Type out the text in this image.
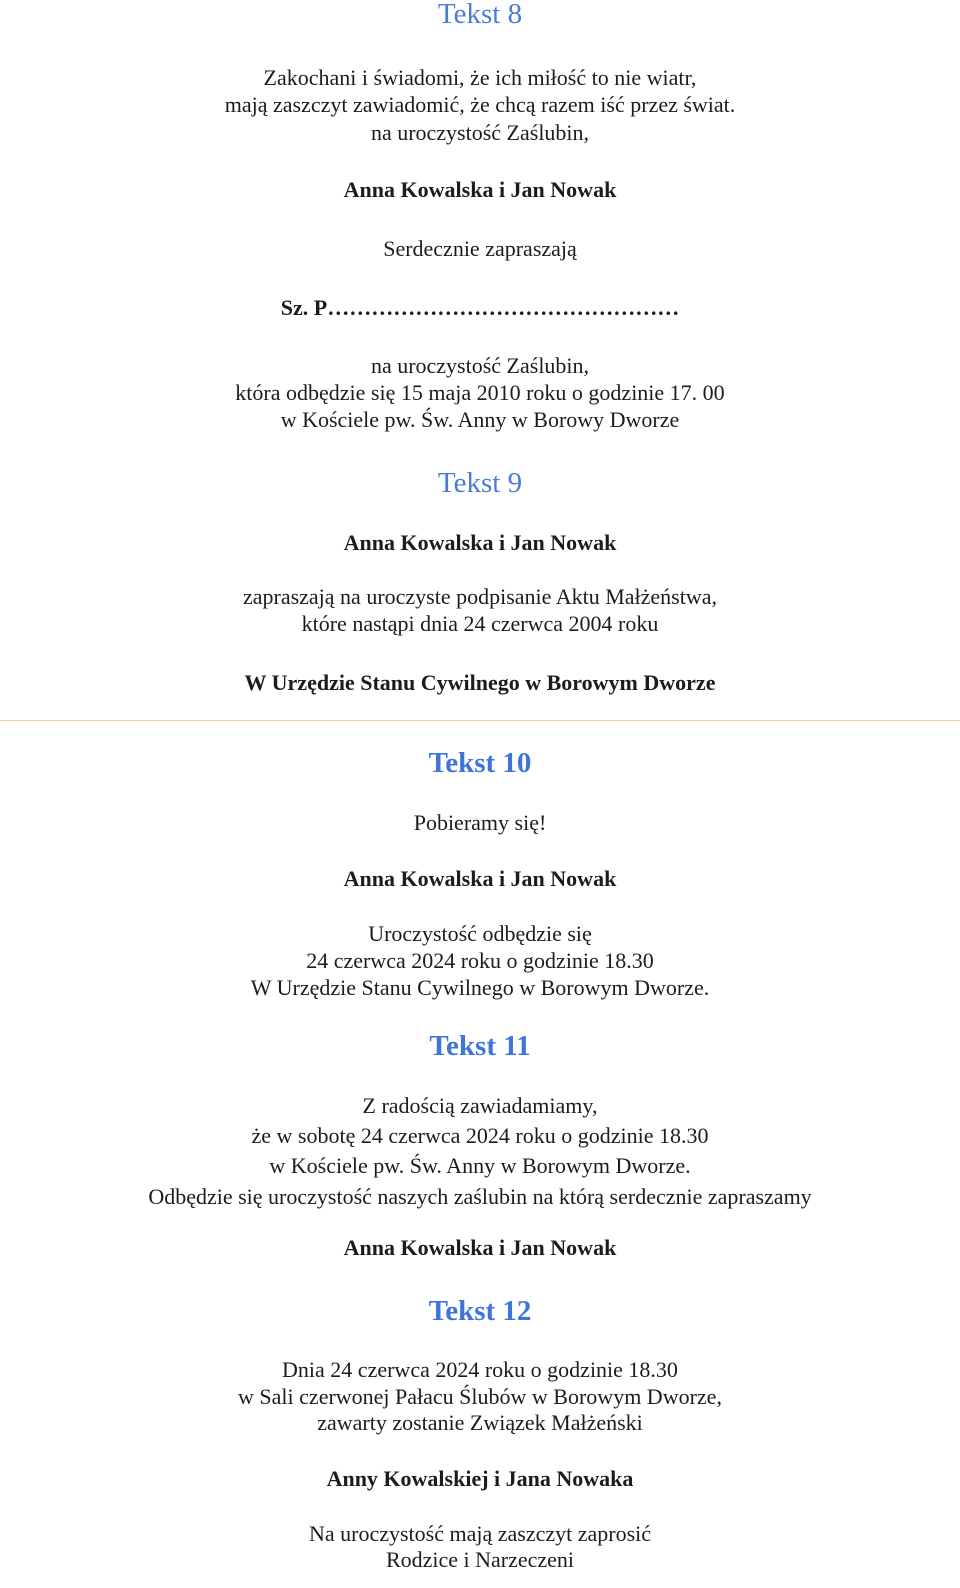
Tekst 8
Zakochani i świadomi, że ich miłość to nie wiatr,
mają zaszczyt zawiadomić, że chcą razem iść przez świat.
na uroczystość Zaślubin,
Anna Kowalska i Jan Nowak
Serdecznie zapraszają
Sz. P…………………………………………
na uroczystość Zaślubin,
która odbędzie się 15 maja 2010 roku o godzinie 17. 00
w Kościele pw. Św. Anny w Borowy Dworze
Tekst 9
Anna Kowalska i Jan Nowak
zapraszają na uroczyste podpisanie Aktu Małżeństwa,
które nastąpi dnia 24 czerwca 2004 roku
W Urzędzie Stanu Cywilnego w Borowym Dworze
Tekst 10
Pobieramy się!
Anna Kowalska i Jan Nowak
Uroczystość odbędzie się
24 czerwca 2024 roku o godzinie 18.30
W Urzędzie Stanu Cywilnego w Borowym Dworze.
Tekst 11
Z radością zawiadamiamy,
że w sobotę 24 czerwca 2024 roku o godzinie 18.30
w Kościele pw. Św. Anny w Borowym Dworze.
Odbędzie się uroczystość naszych zaślubin na którą serdecznie zapraszamy
Anna Kowalska i Jan Nowak
Tekst 12
Dnia 24 czerwca 2024 roku o godzinie 18.30
w Sali czerwonej Pałacu Ślubów w Borowym Dworze,
zawarty zostanie Związek Małżeński
Anny Kowalskiej i Jana Nowaka
Na uroczystość mają zaszczyt zaprosić
Rodzice i Narzeczeni
